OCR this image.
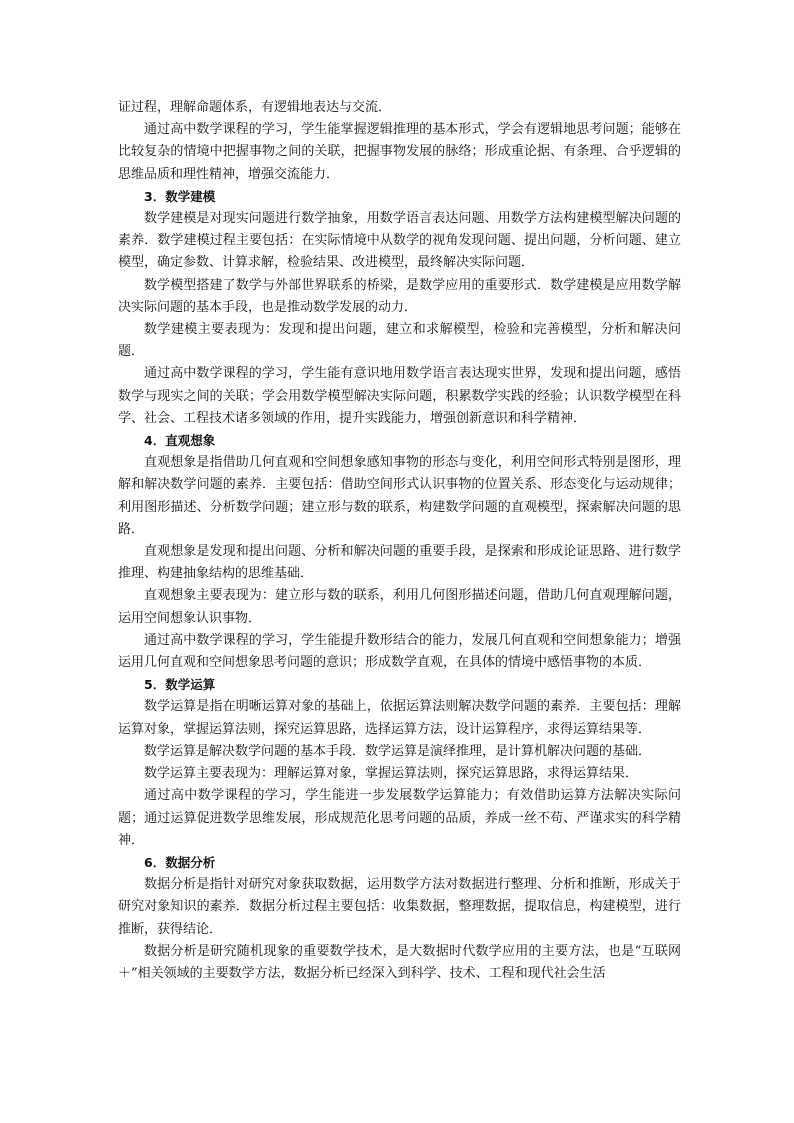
证过程，理解命题体系，有逻辑地表达与交流．

通过高中数学课程的学习，学生能掌握逻辑推理的基本形式，学会有逻辑地思考问题；能够在比较复杂的情境中把握事物之间的关联，把握事物发展的脉络；形成重论据、有条理、合乎逻辑的思维品质和理性精神，增强交流能力．

3．数学建模

数学建模是对现实问题进行数学抽象，用数学语言表达问题、用数学方法构建模型解决问题的素养．数学建模过程主要包括：在实际情境中从数学的视角发现问题、提出问题，分析问题、建立模型，确定参数、计算求解，检验结果、改进模型，最终解决实际问题．

数学模型搭建了数学与外部世界联系的桥梁，是数学应用的重要形式．数学建模是应用数学解决实际问题的基本手段，也是推动数学发展的动力．

数学建模主要表现为：发现和提出问题，建立和求解模型，检验和完善模型，分析和解决问题．

通过高中数学课程的学习，学生能有意识地用数学语言表达现实世界，发现和提出问题，感悟数学与现实之间的关联；学会用数学模型解决实际问题，积累数学实践的经验；认识数学模型在科学、社会、工程技术诸多领域的作用，提升实践能力，增强创新意识和科学精神．

4．直观想象

直观想象是指借助几何直观和空间想象感知事物的形态与变化，利用空间形式特别是图形，理解和解决数学问题的素养．主要包括：借助空间形式认识事物的位置关系、形态变化与运动规律；利用图形描述、分析数学问题；建立形与数的联系，构建数学问题的直观模型，探索解决问题的思路．

直观想象是发现和提出问题、分析和解决问题的重要手段，是探索和形成论证思路、进行数学推理、构建抽象结构的思维基础．

直观想象主要表现为：建立形与数的联系，利用几何图形描述问题，借助几何直观理解问题，运用空间想象认识事物．

通过高中数学课程的学习，学生能提升数形结合的能力，发展几何直观和空间想象能力；增强运用几何直观和空间想象思考问题的意识；形成数学直观，在具体的情境中感悟事物的本质．

5．数学运算

数学运算是指在明晰运算对象的基础上，依据运算法则解决数学问题的素养．主要包括：理解运算对象，掌握运算法则，探究运算思路，选择运算方法，设计运算程序，求得运算结果等．

数学运算是解决数学问题的基本手段．数学运算是演绎推理，是计算机解决问题的基础．

数学运算主要表现为：理解运算对象，掌握运算法则，探究运算思路，求得运算结果．

通过高中数学课程的学习，学生能进一步发展数学运算能力；有效借助运算方法解决实际问题；通过运算促进数学思维发展，形成规范化思考问题的品质，养成一丝不苟、严谨求实的科学精神．

6．数据分析

数据分析是指针对研究对象获取数据，运用数学方法对数据进行整理、分析和推断，形成关于研究对象知识的素养．数据分析过程主要包括：收集数据，整理数据，提取信息，构建模型，进行推断，获得结论．

数据分析是研究随机现象的重要数学技术，是大数据时代数学应用的主要方法，也是“互联网＋”相关领域的主要数学方法，数据分析已经深入到科学、技术、工程和现代社会生活
